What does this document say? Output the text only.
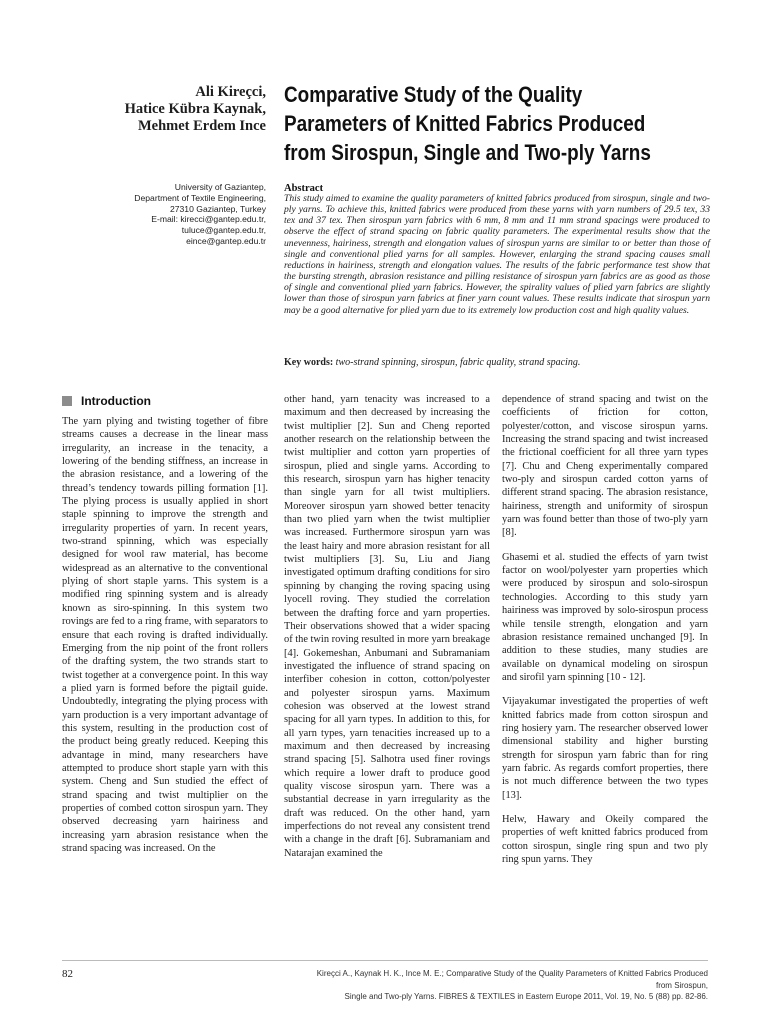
Ali Kireçci,
Hatice Kübra Kaynak,
Mehmet Erdem Ince
Comparative Study of the Quality
Parameters of Knitted Fabrics Produced
from Sirospun, Single and Two-ply Yarns
University of Gaziantep,
Department of Textile Engineering,
27310 Gaziantep, Turkey
E-mail: kirecci@gantep.edu.tr,
tuluce@gantep.edu.tr,
eince@gantep.edu.tr
Abstract
This study aimed to examine the quality parameters of knitted fabrics produced from sirospun, single and two-ply yarns. To achieve this, knitted fabrics were produced from these yarns with yarn numbers of 29.5 tex, 33 tex and 37 tex. Then sirospun yarn fabrics with 6 mm, 8 mm and 11 mm strand spacings were produced to observe the effect of strand spacing on fabric quality parameters. The experimental results show that the unevenness, hairiness, strength and elongation values of sirospun yarns are similar to or better than those of single and conventional plied yarns for all samples. However, enlarging the strand spacing causes small reductions in hairiness, strength and elongation values. The results of the fabric performance test show that the bursting strength, abrasion resistance and pilling resistance of sirospun yarn fabrics are as good as those of single and conventional plied yarn fabrics. However, the spirality values of plied yarn fabrics are slightly lower than those of sirospun yarn fabrics at finer yarn count values. These results indicate that sirospun yarn may be a good alternative for plied yarn due to its extremely low production cost and high quality values.
Key words: two-strand spinning, sirospun, fabric quality, strand spacing.
Introduction

The yarn plying and twisting together of fibre streams causes a decrease in the linear mass irregularity, an increase in the tenacity, a lowering of the bending stiffness, an increase in the abrasion resistance, and a lowering of the thread’s tendency towards pilling formation [1]. The plying process is usually applied in short staple spinning to improve the strength and irregularity properties of yarn. In recent years, two-strand spinning, which was especially designed for wool raw material, has become widespread as an alternative to the conventional plying of short staple yarns. This system is a modified ring spinning system and is already known as siro-spinning. In this system two rovings are fed to a ring frame, with separators to ensure that each roving is drafted individually. Emerging from the nip point of the front rollers of the drafting system, the two strands start to twist together at a convergence point. In this way a plied yarn is formed before the pigtail guide. Undoubtedly, integrating the plying process with yarn production is a very important advantage of this system, resulting in the production cost of the product being greatly reduced. Keeping this advantage in mind, many researchers have attempted to produce short staple yarn with this system. Cheng and Sun studied the effect of strand spacing and twist multiplier on the properties of combed cotton sirospun yarn. They observed decreasing yarn hairiness and increasing yarn abrasion resistance when the strand spacing was increased. On the

other hand, yarn tenacity was increased to a maximum and then decreased by increasing the twist multiplier [2]. Sun and Cheng reported another research on the relationship between the twist multiplier and cotton yarn properties of sirospun, plied and single yarns. According to this research, sirospun yarn has higher tenacity than single yarn for all twist multipliers. Moreover sirospun yarn showed better tenacity than two plied yarn when the twist multiplier was increased. Furthermore sirospun yarn was the least hairy and more abrasion resistant for all twist multipliers [3]. Su, Liu and Jiang investigated optimum drafting conditions for siro spinning by changing the roving spacing using lyocell roving. They studied the correlation between the drafting force and yarn properties. Their observations showed that a wider spacing of the twin roving resulted in more yarn breakage [4]. Gokemeshan, Anbumani and Subramaniam investigated the influence of strand spacing on interfiber cohesion in cotton, cotton/polyester and polyester sirospun yarns. Maximum cohesion was observed at the lowest strand spacing for all yarn types. In addition to this, for all yarn types, yarn tenacities increased up to a maximum and then decreased by increasing strand spacing [5]. Salhotra used finer rovings which require a lower draft to produce good quality viscose sirospun yarn. There was a substantial decrease in yarn irregularity as the draft was reduced. On the other hand, yarn imperfections do not reveal any consistent trend with a change in the draft [6]. Subramaniam and Natarajan examined the

dependence of strand spacing and twist on the coefficients of friction for cotton, polyester/cotton, and viscose sirospun yarns. Increasing the strand spacing and twist increased the frictional coefficient for all three yarn types [7]. Chu and Cheng experimentally compared two-ply and sirospun carded cotton yarns of different strand spacing. The abrasion resistance, hairiness, strength and uniformity of sirospun yarn was found better than those of two-ply yarn [8].

Ghasemi et al. studied the effects of yarn twist factor on wool/polyester yarn properties which were produced by sirospun and solo-sirospun technologies. According to this study yarn hairiness was improved by solo-sirospun process while tensile strength, elongation and yarn abrasion resistance remained unchanged [9]. In addition to these studies, many studies are available on dynamical modeling on sirospun and sirofil yarn spinning [10 - 12].

Vijayakumar investigated the properties of weft knitted fabrics made from cotton sirospun and ring hosiery yarn. The researcher observed lower dimensional stability and higher bursting strength for sirospun yarn fabric than for ring yarn fabric. As regards comfort properties, there is not much difference between the two types [13].

Helw, Hawary and Okeily compared the properties of weft knitted fabrics produced from cotton sirospun, single ring spun and two ply ring spun yarns. They

82	Kireçci A., Kaynak H. K., Ince M. E.; Comparative Study of the Quality Parameters of Knitted Fabrics Produced from Sirospun,
Single and Two-ply Yarns. FIBRES & TEXTILES in Eastern Europe 2011, Vol. 19, No. 5 (88) pp. 82-86.
